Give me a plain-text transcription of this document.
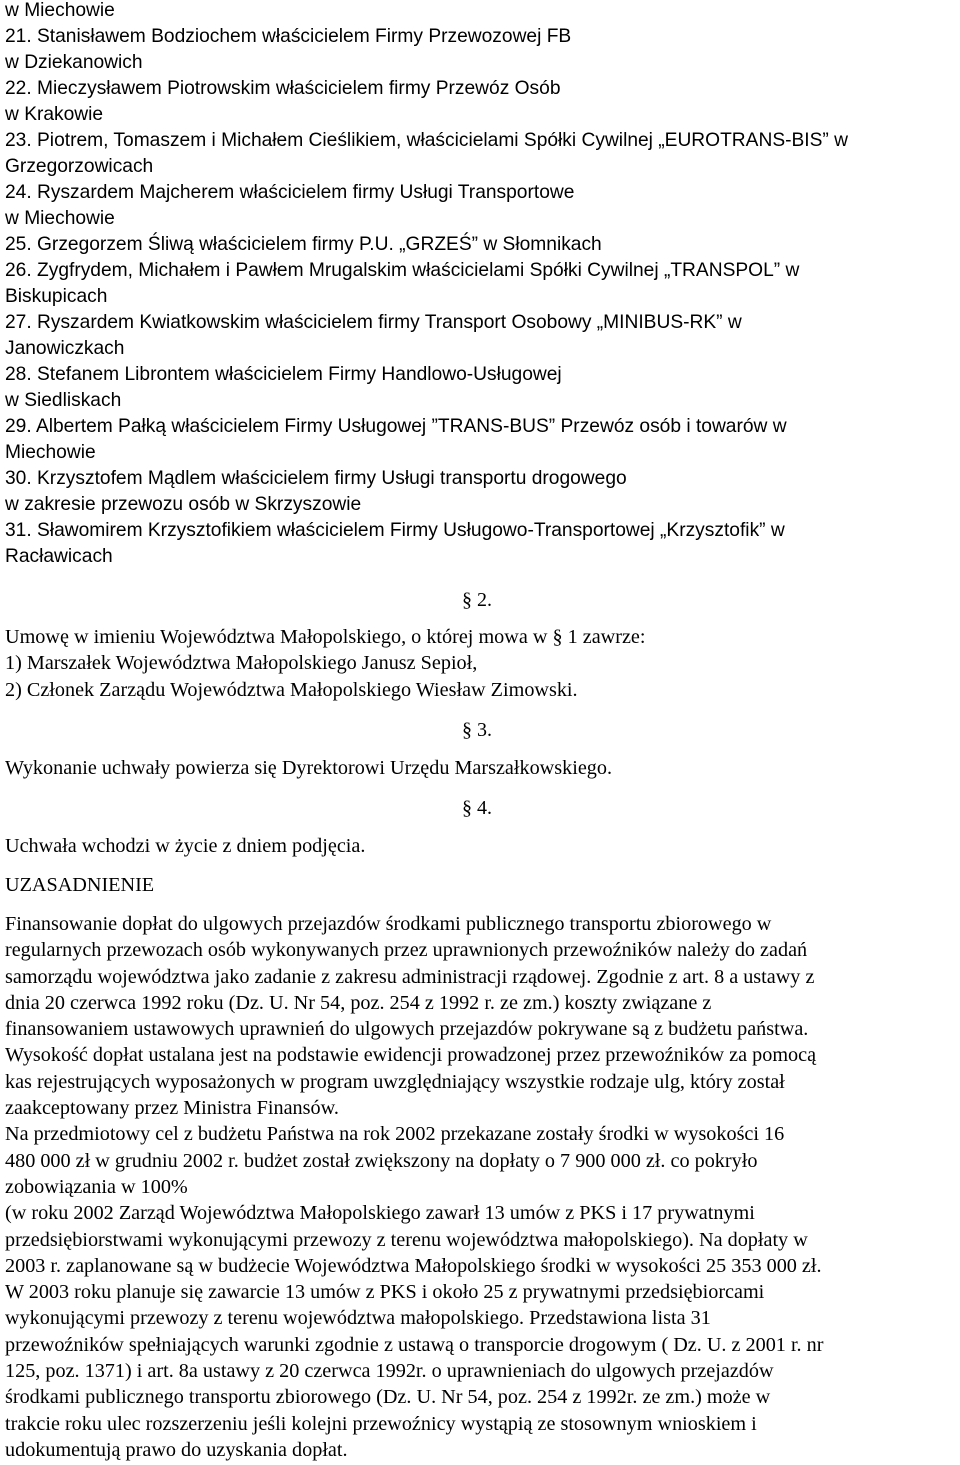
w Miechowie
21. Stanisławem Bodziochem właścicielem Firmy Przewozowej FB
w Dziekanowich
22. Mieczysławem Piotrowskim właścicielem firmy Przewóz Osób
w Krakowie
23. Piotrem, Tomaszem i Michałem Cieślikiem, właścicielami Spółki Cywilnej „EUROTRANS-BIS” w
Grzegorzowicach
24. Ryszardem Majcherem właścicielem firmy Usługi Transportowe
w Miechowie
25. Grzegorzem Śliwą właścicielem firmy P.U. „GRZEŚ” w Słomnikach
26. Zygfrydem, Michałem i Pawłem Mrugalskim właścicielami Spółki Cywilnej „TRANSPOL” w
Biskupicach
27. Ryszardem Kwiatkowskim właścicielem firmy Transport Osobowy „MINIBUS-RK” w
Janowiczkach
28. Stefanem Librontem właścicielem Firmy Handlowo-Usługowej
w Siedliskach
29. Albertem Pałką właścicielem Firmy Usługowej ”TRANS-BUS” Przewóz osób i towarów w
Miechowie
30. Krzysztofem Mądlem właścicielem firmy Usługi transportu drogowego
w zakresie przewozu osób w Skrzyszowie
31. Sławomirem Krzysztofikiem właścicielem Firmy Usługowo-Transportowej „Krzysztofik” w
Racławicach
§ 2.
Umowę w imieniu Województwa Małopolskiego, o której mowa w § 1 zawrze:
1) Marszałek Województwa Małopolskiego Janusz Sepioł,
2) Członek Zarządu Województwa Małopolskiego Wiesław Zimowski.
§ 3.
Wykonanie uchwały powierza się Dyrektorowi Urzędu Marszałkowskiego.
§ 4.
Uchwała wchodzi w życie z dniem podjęcia.
UZASADNIENIE
Finansowanie dopłat do ulgowych przejazdów środkami publicznego transportu zbiorowego w
regularnych przewozach osób wykonywanych przez uprawnionych przewoźników należy do zadań
samorządu województwa jako zadanie z zakresu administracji rządowej. Zgodnie z art. 8 a ustawy z
dnia 20 czerwca 1992 roku (Dz. U. Nr 54, poz. 254 z 1992 r. ze zm.) koszty związane z
finansowaniem ustawowych uprawnień do ulgowych przejazdów pokrywane są z budżetu państwa.
Wysokość dopłat ustalana jest na podstawie ewidencji prowadzonej przez przewoźników za pomocą
kas rejestrujących wyposażonych w program uwzględniający wszystkie rodzaje ulg, który został
zaakceptowany przez Ministra Finansów.
Na przedmiotowy cel z budżetu Państwa na rok 2002 przekazane zostały środki w wysokości 16
480 000 zł w grudniu 2002 r. budżet został zwiększony na dopłaty o 7 900 000 zł. co pokryło
zobowiązania w 100%
(w roku 2002 Zarząd Województwa Małopolskiego zawarł 13 umów z PKS i 17 prywatnymi
przedsiębiorstwami wykonującymi przewozy z terenu województwa małopolskiego). Na dopłaty w
2003 r. zaplanowane są w budżecie Województwa Małopolskiego środki w wysokości 25 353 000 zł.
W 2003 roku planuje się zawarcie 13 umów z PKS i około 25 z prywatnymi przedsiębiorcami
wykonującymi przewozy z terenu województwa małopolskiego. Przedstawiona lista 31
przewoźników spełniających warunki zgodnie z ustawą o transporcie drogowym ( Dz. U. z 2001 r. nr
125, poz. 1371) i art. 8a ustawy z 20 czerwca 1992r. o uprawnieniach do ulgowych przejazdów
środkami publicznego transportu zbiorowego (Dz. U. Nr 54, poz. 254 z 1992r. ze zm.) może w
trakcie roku ulec rozszerzeniu jeśli kolejni przewoźnicy wystąpią ze stosownym wnioskiem i
udokumentują prawo do uzyskania dopłat.
